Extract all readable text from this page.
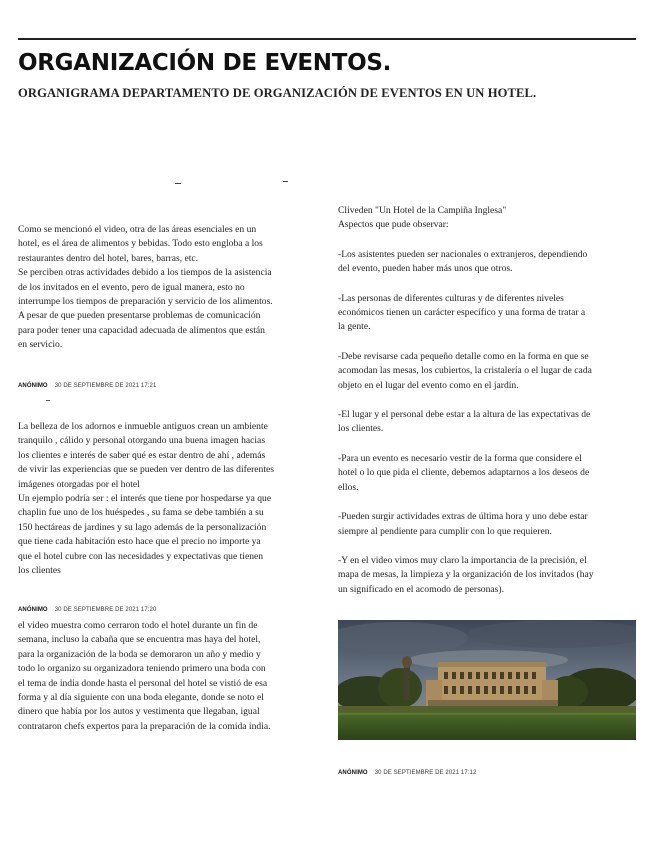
ORGANIZACIÓN DE EVENTOS.
ORGANIGRAMA DEPARTAMENTO DE ORGANIZACIÓN DE EVENTOS EN UN HOTEL.

Como se mencionó el video, otra de las áreas esenciales en un

hotel, es el área de alimentos y bebidas. Todo esto engloba a los

restaurantes dentro del hotel, bares, barras, etc.

Se perciben otras actividades debido a los tiempos de la asistencia

de los invitados en el evento, pero de igual manera, esto no

interrumpe los tiempos de preparación y servicio de los alimentos.

A pesar de que pueden presentarse problemas de comunicación

para poder tener una capacidad adecuada de alimentos que están

en servicio.

ANÓNIMO 30 DE SEPTIEMBRE DE 2021 17:21

La belleza de los adornos e inmueble antiguos crean un ambiente

tranquilo , cálido y personal otorgando una buena imagen hacias

los clientes e interés de saber qué es estar dentro de ahí , además

de vivir las experiencias que se pueden ver dentro de las diferentes

imágenes otorgadas por el hotel

Un ejemplo podría ser : el interés que tiene por hospedarse ya que

chaplin fue uno de los huéspedes , su fama se debe también a su

150 hectáreas de jardines y su lago además de la personalización

que tiene cada habitación esto hace que el precio no importe ya

que el hotel cubre con las necesidades y expectativas que tienen

los clientes

ANÓNIMO 30 DE SEPTIEMBRE DE 2021 17:20

el video muestra como cerraron todo el hotel durante un fin de

semana, incluso la cabaña que se encuentra mas haya del hotel,

para la organización de la boda se demoraron un año y medio y

todo lo organizo su organizadora teniendo primero una boda con

el tema de india donde hasta el personal del hotel se vistió de esa

forma y al día siguiente con una boda elegante, donde se noto el

dinero que había por los autos y vestimenta que llegaban, igual

contrataron chefs expertos para la preparación de la comida india.

Cliveden "Un Hotel de la Campiña Inglesa"

Aspectos que pude observar:

-Los asistentes pueden ser nacionales o extranjeros, dependiendo

del evento, pueden haber más unos que otros.

-Las personas de diferentes culturas y de diferentes niveles

económicos tienen un carácter específico y una forma de tratar a

la gente.

-Debe revisarse cada pequeño detalle como en la forma en que se

acomodan las mesas, los cubiertos, la cristalería o el lugar de cada

objeto en el lugar del evento como en el jardín.

-El lugar y el personal debe estar a la altura de las expectativas de

los clientes.

-Para un evento es necesario vestir de la forma que considere el

hotel o lo que pida el cliente, debemos adaptarnos a los deseos de

ellos.

-Pueden surgir actividades extras de última hora y uno debe estar

siempre al pendiente para cumplir con lo que requieren.

-Y en el video vimos muy claro la importancia de la precisión, el

mapa de mesas, la limpieza y la organización de los invitados (hay

un significado en el acomodo de personas).

ANÓNIMO 30 DE SEPTIEMBRE DE 2021 17:12
